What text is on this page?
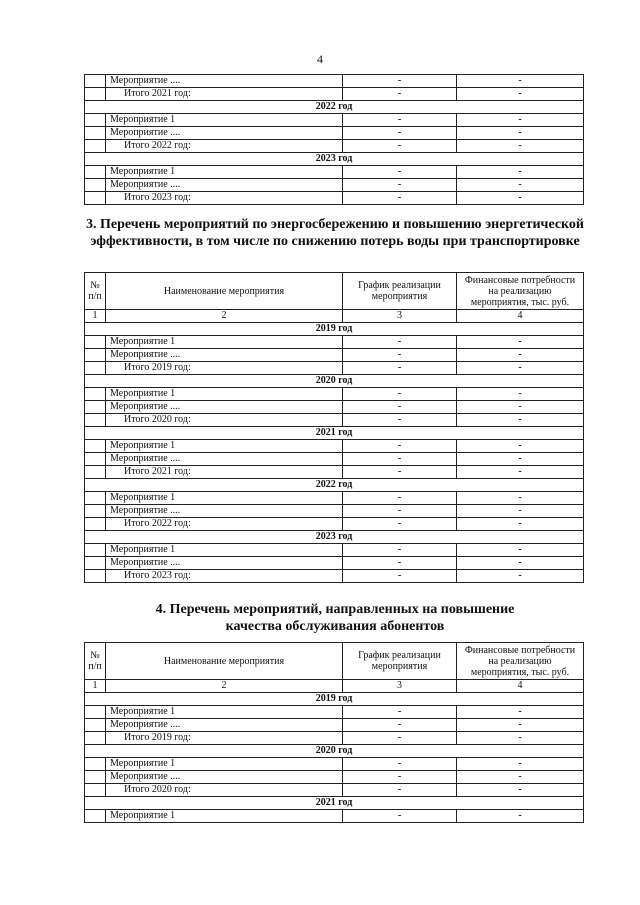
4
	Мероприятие ....	-	-
	Итого 2021 год:	-	-
2022 год			
	Мероприятие 1	-	-
	Мероприятие ....	-	-
	Итого 2022 год:	-	-
2023 год			
	Мероприятие 1	-	-
	Мероприятие ....	-	-
	Итого 2023 год:	-	-
3. Перечень мероприятий по энергосбережению и повышению энергетической эффективности, в том числе по снижению потерь воды при транспортировке
№ п/п	Наименование мероприятия	График реализации мероприятия	Финансовые потребности на реализацию мероприятия, тыс. руб.
1	2	3	4
2019 год			
	Мероприятие 1	-	-
	Мероприятие ....	-	-
	Итого 2019 год:	-	-
2020 год			
	Мероприятие 1	-	-
	Мероприятие ....	-	-
	Итого 2020 год:	-	-
2021 год			
	Мероприятие 1	-	-
	Мероприятие ....	-	-
	Итого 2021 год:	-	-
2022 год			
	Мероприятие 1	-	-
	Мероприятие ....	-	-
	Итого 2022 год:	-	-
2023 год			
	Мероприятие 1	-	-
	Мероприятие ....	-	-
	Итого 2023 год:	-	-
4. Перечень мероприятий, направленных на повышение качества обслуживания абонентов
№ п/п	Наименование мероприятия	График реализации мероприятия	Финансовые потребности на реализацию мероприятия, тыс. руб.
1	2	3	4
2019 год			
	Мероприятие 1	-	-
	Мероприятие ....	-	-
	Итого 2019 год:	-	-
2020 год			
	Мероприятие 1	-	-
	Мероприятие ....	-	-
	Итого 2020 год:	-	-
2021 год			
	Мероприятие 1	-	-
